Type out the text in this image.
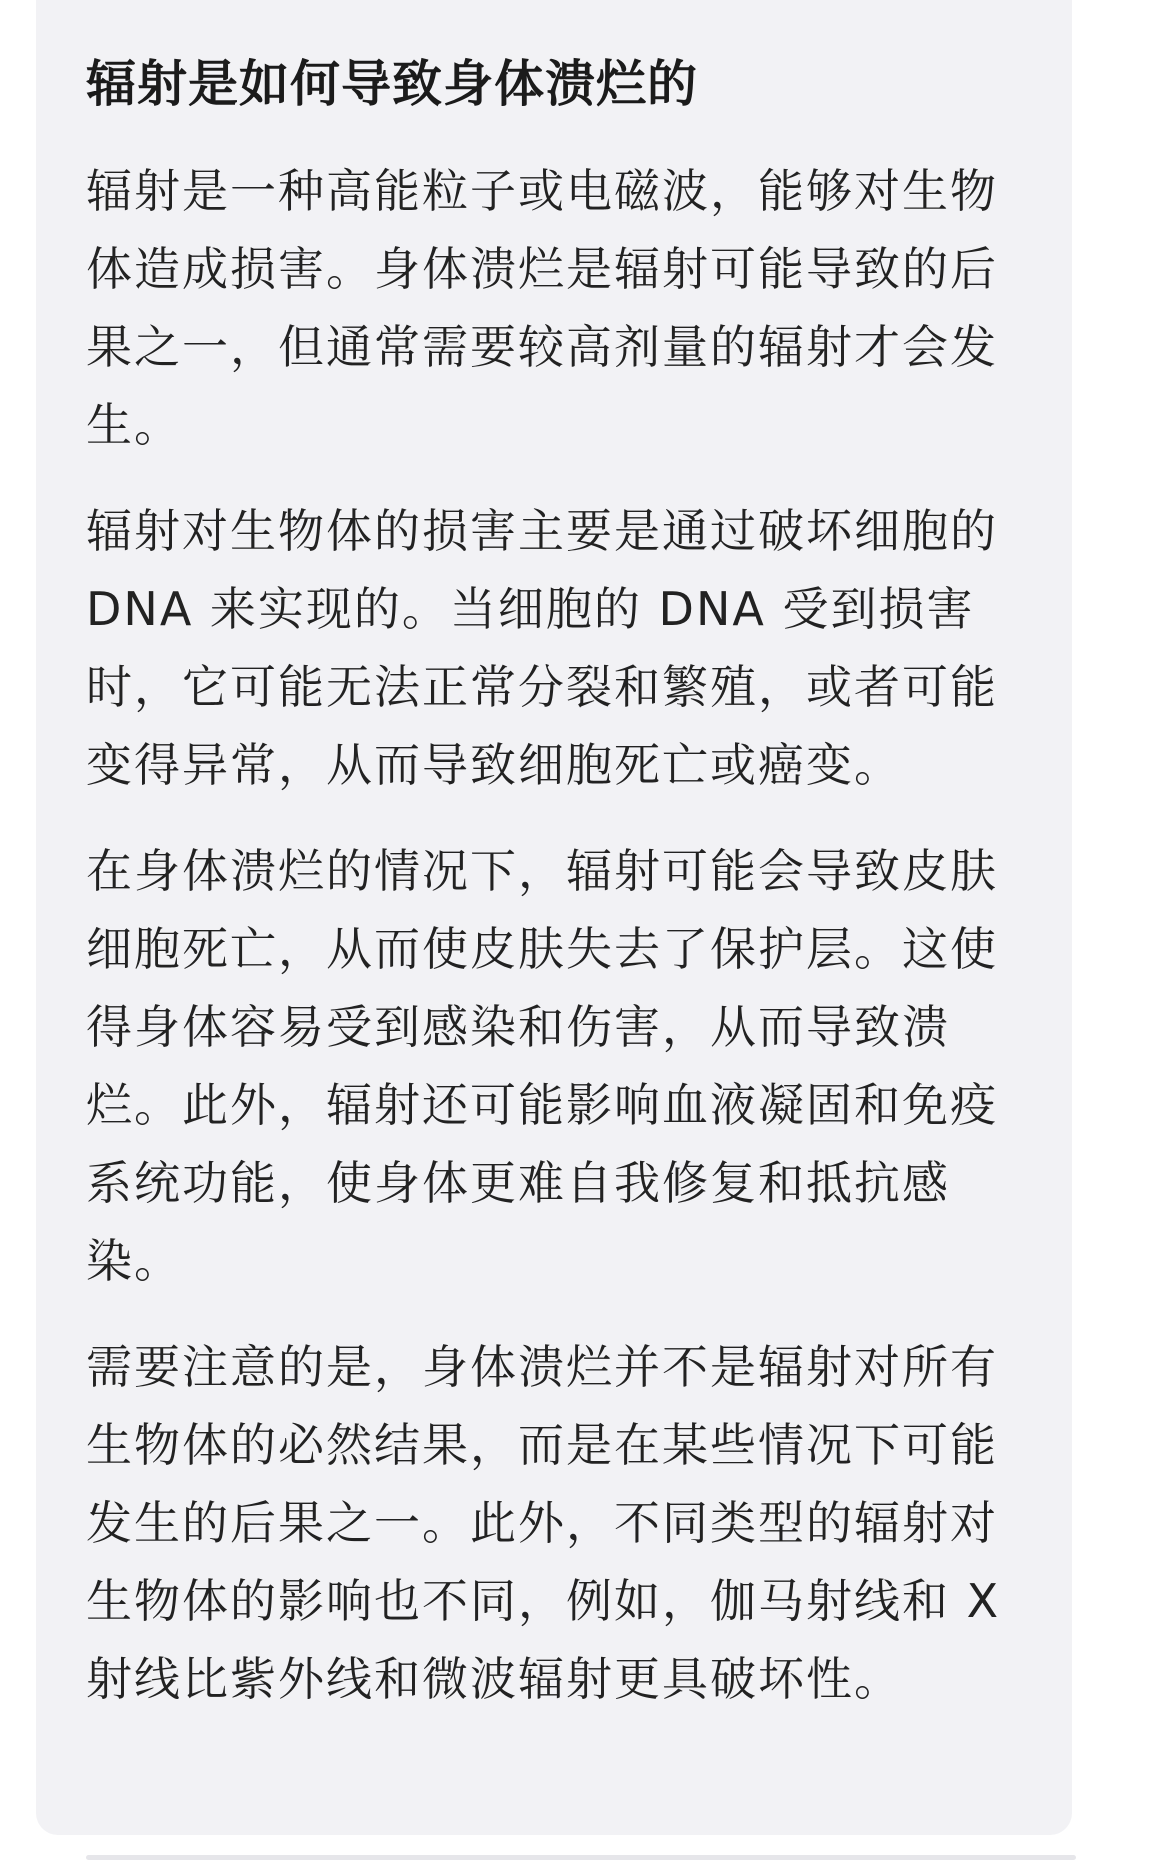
辐射是如何导致身体溃烂的

辐射是一种高能粒子或电磁波，能够对生物体造成损害。身体溃烂是辐射可能导致的后果之一，但通常需要较高剂量的辐射才会发生。

辐射对生物体的损害主要是通过破坏细胞的 DNA 来实现的。当细胞的 DNA 受到损害时，它可能无法正常分裂和繁殖，或者可能变得异常，从而导致细胞死亡或癌变。

在身体溃烂的情况下，辐射可能会导致皮肤细胞死亡，从而使皮肤失去了保护层。这使得身体容易受到感染和伤害，从而导致溃烂。此外，辐射还可能影响血液凝固和免疫系统功能，使身体更难自我修复和抵抗感染。

需要注意的是，身体溃烂并不是辐射对所有生物体的必然结果，而是在某些情况下可能发生的后果之一。此外，不同类型的辐射对生物体的影响也不同，例如，伽马射线和 X 射线比紫外线和微波辐射更具破坏性。
